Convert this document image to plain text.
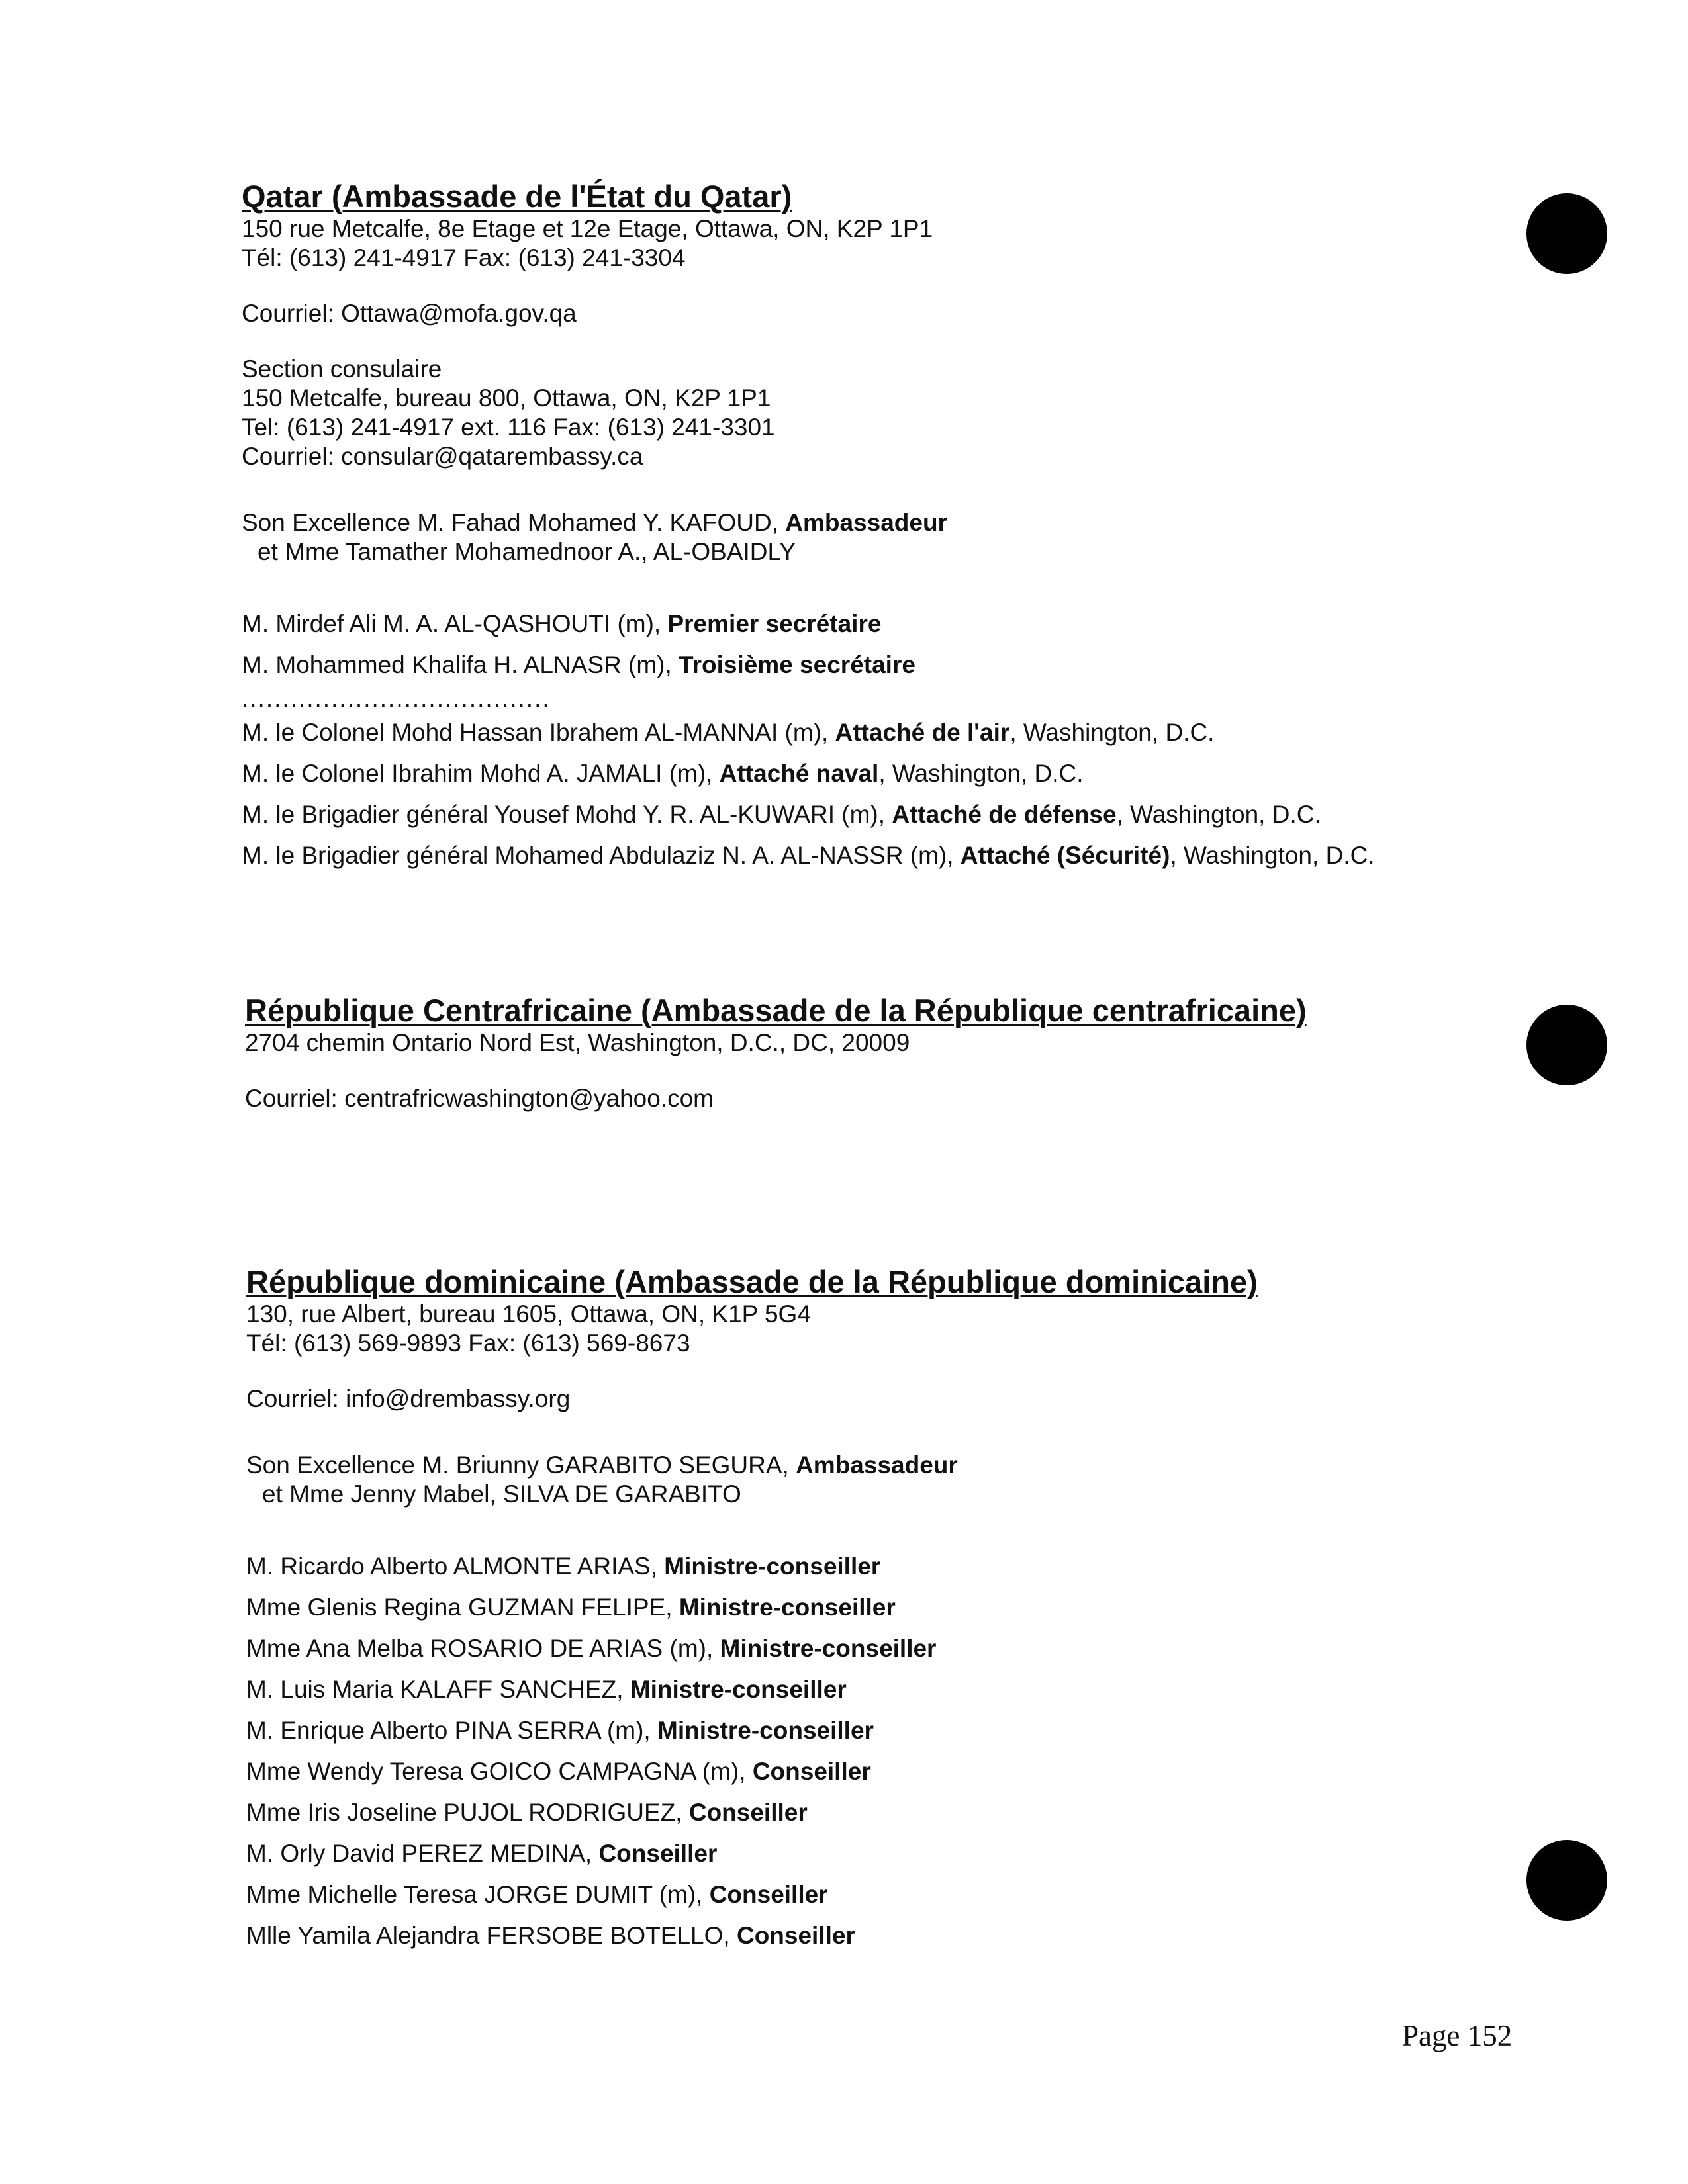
Qatar (Ambassade de l'État du Qatar)
150 rue Metcalfe, 8e Etage et 12e Etage, Ottawa, ON, K2P 1P1
Tél: (613) 241-4917 Fax: (613) 241-3304
Courriel: Ottawa@mofa.gov.qa
Section consulaire
150 Metcalfe, bureau 800, Ottawa, ON, K2P 1P1
Tel: (613) 241-4917 ext. 116 Fax: (613) 241-3301
Courriel: consular@qatarembassy.ca
Son Excellence M. Fahad Mohamed Y. KAFOUD, Ambassadeur
et Mme Tamather Mohamednoor A., AL-OBAIDLY
M. Mirdef Ali M. A. AL-QASHOUTI (m), Premier secrétaire
M. Mohammed Khalifa H. ALNASR (m), Troisième secrétaire
......................................
M. le Colonel Mohd Hassan Ibrahem AL-MANNAI (m), Attaché de l'air, Washington, D.C.
M. le Colonel Ibrahim Mohd A. JAMALI (m), Attaché naval, Washington, D.C.
M. le Brigadier général Yousef Mohd Y. R. AL-KUWARI (m), Attaché de défense, Washington, D.C.
M. le Brigadier général Mohamed Abdulaziz N. A. AL-NASSR (m), Attaché (Sécurité), Washington, D.C.
République Centrafricaine (Ambassade de la République centrafricaine)
2704 chemin Ontario Nord Est, Washington, D.C., DC, 20009
Courriel: centrafricwashington@yahoo.com
République dominicaine (Ambassade de la République dominicaine)
130, rue Albert, bureau 1605, Ottawa, ON, K1P 5G4
Tél: (613) 569-9893 Fax: (613) 569-8673
Courriel: info@drembassy.org
Son Excellence M. Briunny GARABITO SEGURA, Ambassadeur
et Mme Jenny Mabel, SILVA DE GARABITO
M. Ricardo Alberto ALMONTE ARIAS, Ministre-conseiller
Mme Glenis Regina GUZMAN FELIPE, Ministre-conseiller
Mme Ana Melba ROSARIO DE ARIAS (m), Ministre-conseiller
M. Luis Maria KALAFF SANCHEZ, Ministre-conseiller
M. Enrique Alberto PINA SERRA (m), Ministre-conseiller
Mme Wendy Teresa GOICO CAMPAGNA (m), Conseiller
Mme Iris Joseline PUJOL RODRIGUEZ, Conseiller
M. Orly David PEREZ MEDINA, Conseiller
Mme Michelle Teresa JORGE DUMIT (m), Conseiller
Mlle Yamila Alejandra FERSOBE BOTELLO, Conseiller
Page 152
